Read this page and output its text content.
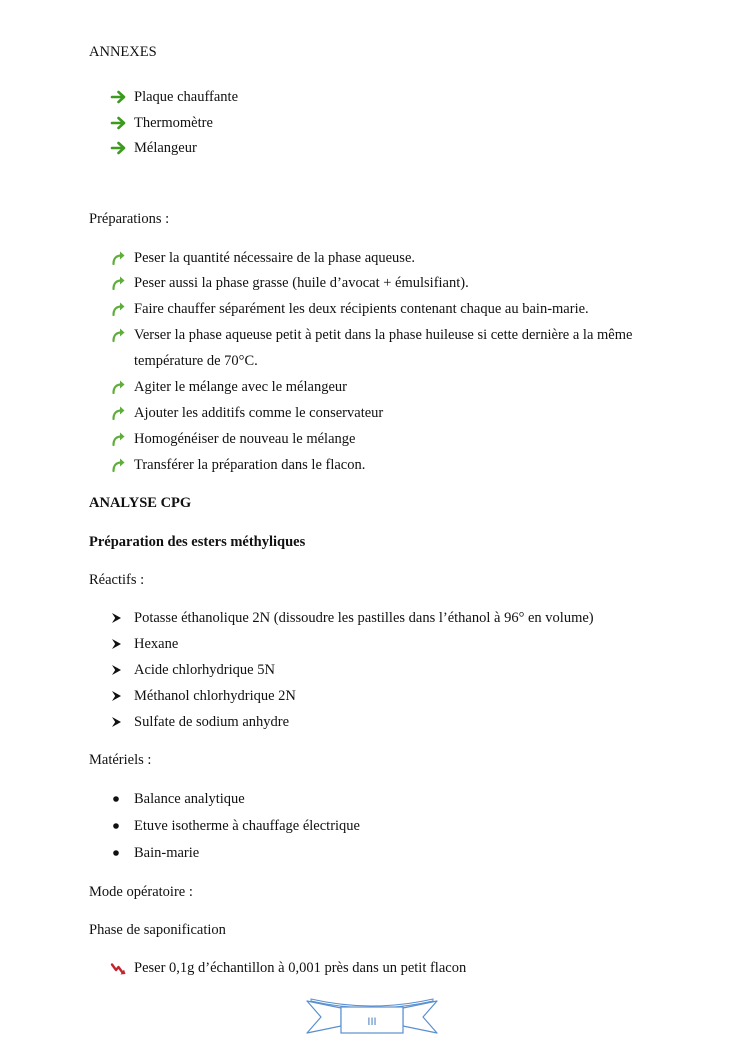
ANNEXES
Plaque chauffante
Thermomètre
Mélangeur
Préparations :
Peser la quantité nécessaire de la phase aqueuse.
Peser aussi la phase grasse (huile d’avocat + émulsifiant).
Faire chauffer séparément les deux récipients contenant chaque au bain-marie.
Verser la phase aqueuse petit à petit dans la phase huileuse si cette dernière a la même
température de 70°C.
Agiter le mélange avec le mélangeur
Ajouter les additifs comme le conservateur
Homogénéiser de nouveau le mélange
Transférer la préparation dans le flacon.
ANALYSE CPG
Préparation des esters méthyliques
Réactifs :
Potasse éthanolique 2N (dissoudre les pastilles dans l’éthanol à 96° en volume)
Hexane
Acide chlorhydrique 5N
Méthanol chlorhydrique 2N
Sulfate de sodium anhydre
Matériels :
Balance analytique
Etuve isotherme à chauffage électrique
Bain-marie
Mode opératoire :
Phase de saponification
Peser 0,1g d’échantillon à 0,001 près dans un petit flacon
III
